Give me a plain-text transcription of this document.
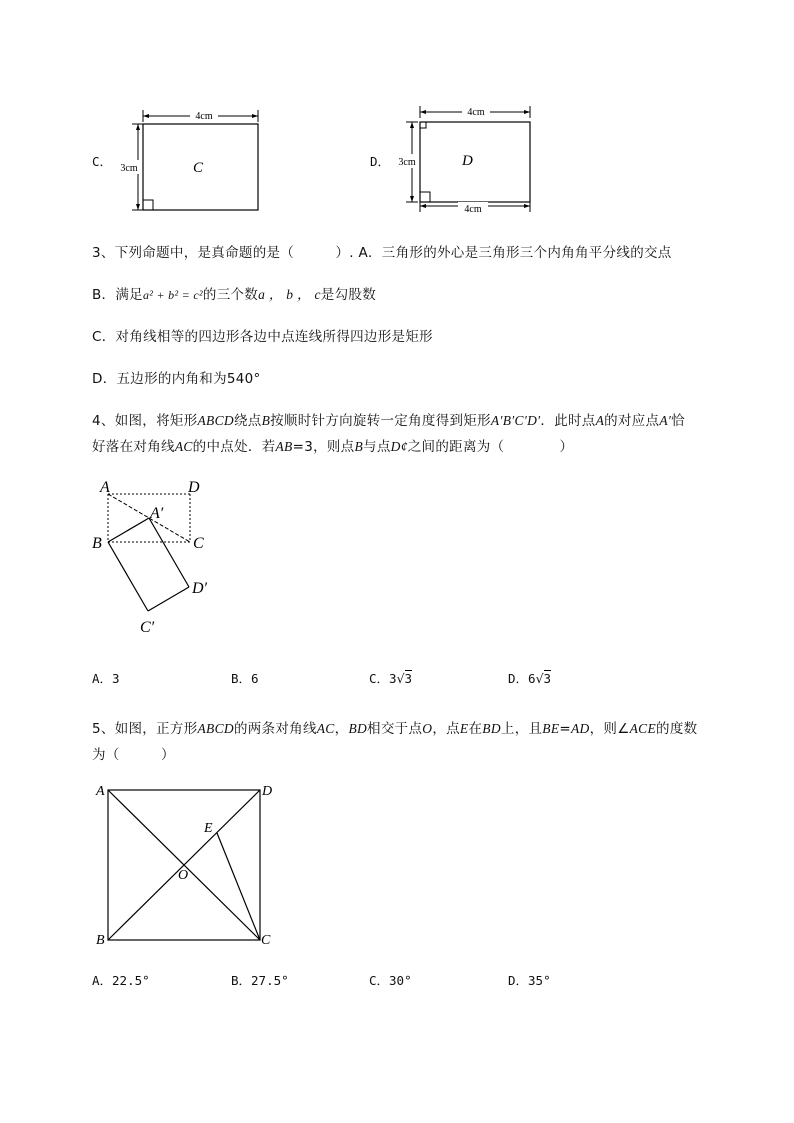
C．
4cm
3cm	C	D．
4cm
3cm
4cm
D
3、下列命题中，是真命题的是（　　　）. A．三角形的外心是三角形三个内角角平分线的交点
B．满足a² + b² = c²的三个数a ， b ， c是勾股数
C．对角线相等的四边形各边中点连线所得四边形是矩形
D．五边形的内角和为540°
4、如图，将矩形ABCD绕点B按顺时针方向旋转一定角度得到矩形A′B′C′D′．此时点A的对应点A′恰
好落在对角线AC的中点处．若AB=3，则点B与点D¢之间的距离为（　　　　）
A	D
A′
B	C
D′
C′
A．3	B．6	C．3√3	D．6√3
5、如图，正方形ABCD的两条对角线AC，BD相交于点O，点E在BD上，且BE=AD，则∠ACE的度数
为（　　　）
A	D
E
O
B	C
A．22.5°	B．27.5°	C．30°	D．35°
